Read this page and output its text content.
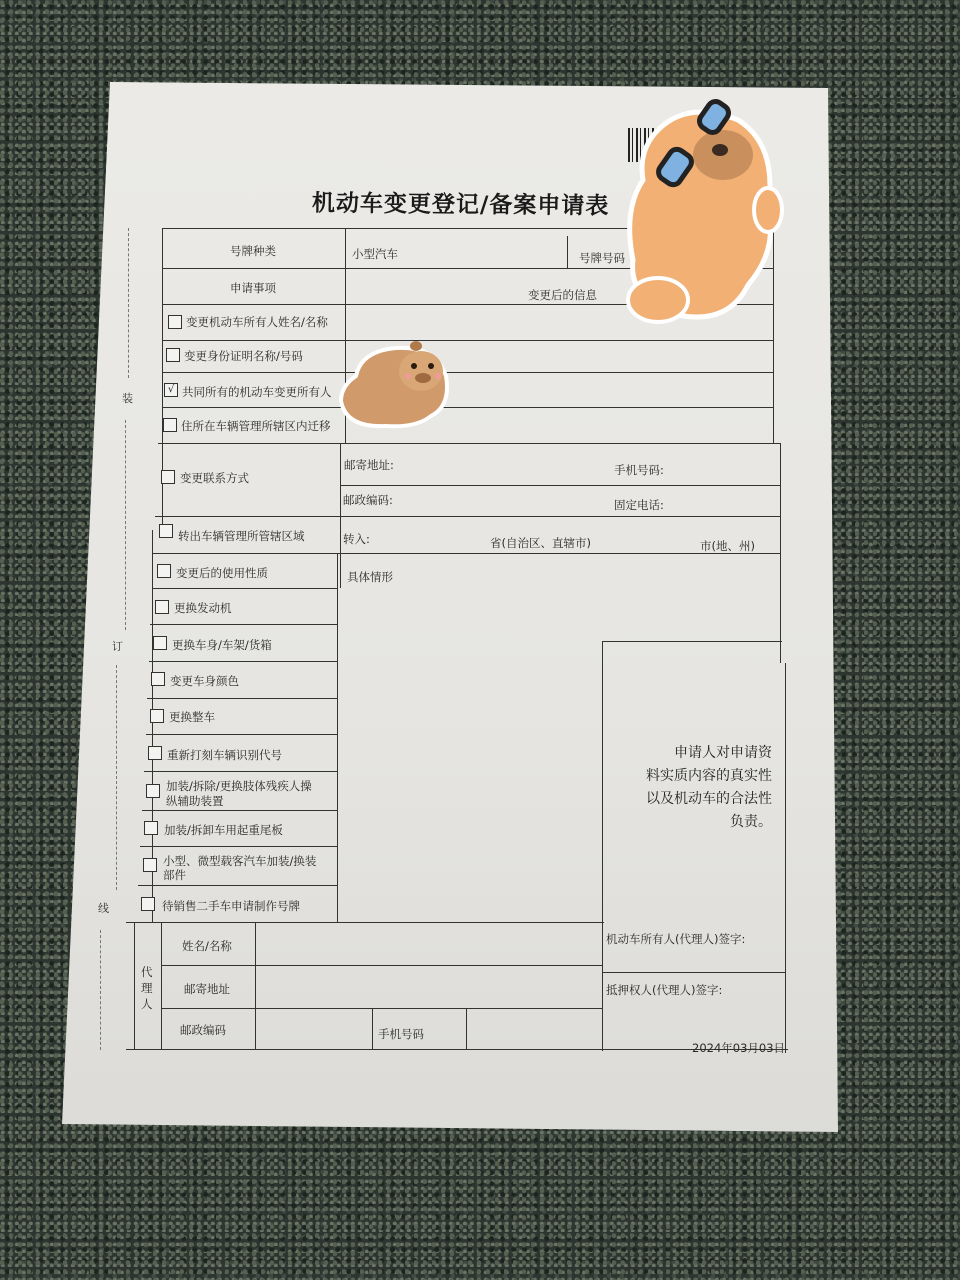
机动车变更登记/备案申请表
装
订
线
号牌种类	小型汽车	号牌号码
申请事项	变更后的信息
变更机动车所有人姓名/名称
变更身份证明名称/号码
√ 共同所有的机动车变更所有人
住所在车辆管理所辖区内迁移
变更联系方式
邮寄地址:	手机号码:
邮政编码:	固定电话:
转出车辆管理所管辖区域	转入:	省(自治区、直辖市)	市(地、州)
具体情形
变更后的使用性质
更换发动机
更换车身/车架/货箱
变更车身颜色
更换整车
重新打刻车辆识别代号
加装/拆除/更换肢体残疾人操
纵辅助装置
加装/拆卸车用起重尾板
小型、微型载客汽车加装/换装
部件
待销售二手车申请制作号牌
申请人对申请资
料实质内容的真实性
以及机动车的合法性
负责。
代
理
人
姓名/名称
邮寄地址
邮政编码	手机号码
机动车所有人(代理人)签字:
抵押权人(代理人)签字:
2024年03月03日
